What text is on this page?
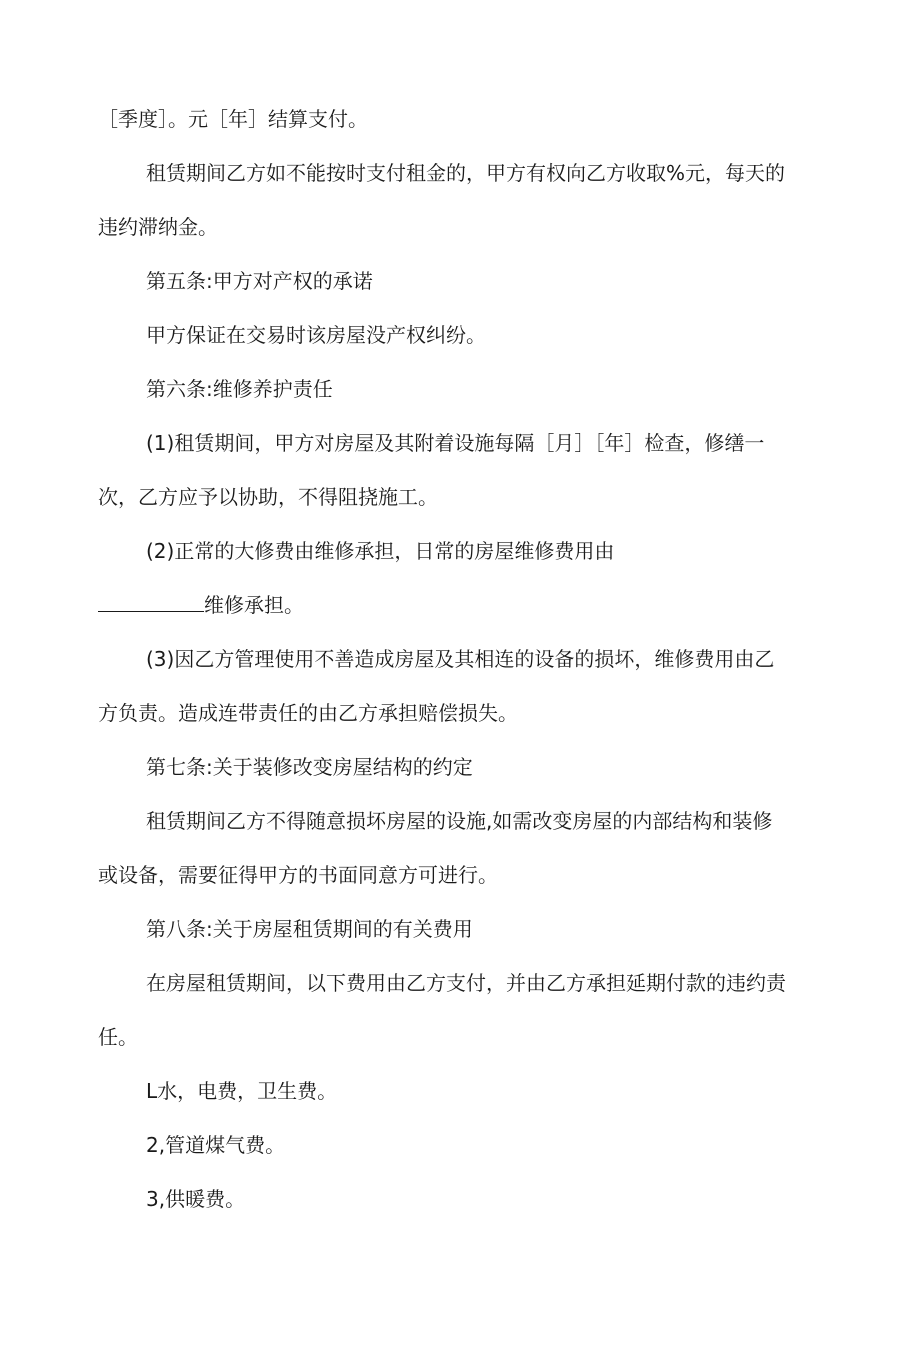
［季度］。元［年］结算支付。
租赁期间乙方如不能按时支付租金的，甲方有权向乙方收取%元，每天的
违约滞纳金。
第五条:甲方对产权的承诺
甲方保证在交易时该房屋没产权纠纷。
第六条:维修养护责任
(1)租赁期间，甲方对房屋及其附着设施每隔［月］［年］检查，修缮一
次，乙方应予以协助，不得阻挠施工。
(2)正常的大修费由维修承担，日常的房屋维修费用由
维修承担。
(3)因乙方管理使用不善造成房屋及其相连的设备的损坏，维修费用由乙
方负责。造成连带责任的由乙方承担赔偿损失。
第七条:关于装修改变房屋结构的约定
租赁期间乙方不得随意损坏房屋的设施,如需改变房屋的内部结构和装修
或设备，需要征得甲方的书面同意方可进行。
第八条:关于房屋租赁期间的有关费用
在房屋租赁期间，以下费用由乙方支付，并由乙方承担延期付款的违约责
任。
L水，电费，卫生费。
2,管道煤气费。
3,供暖费。
